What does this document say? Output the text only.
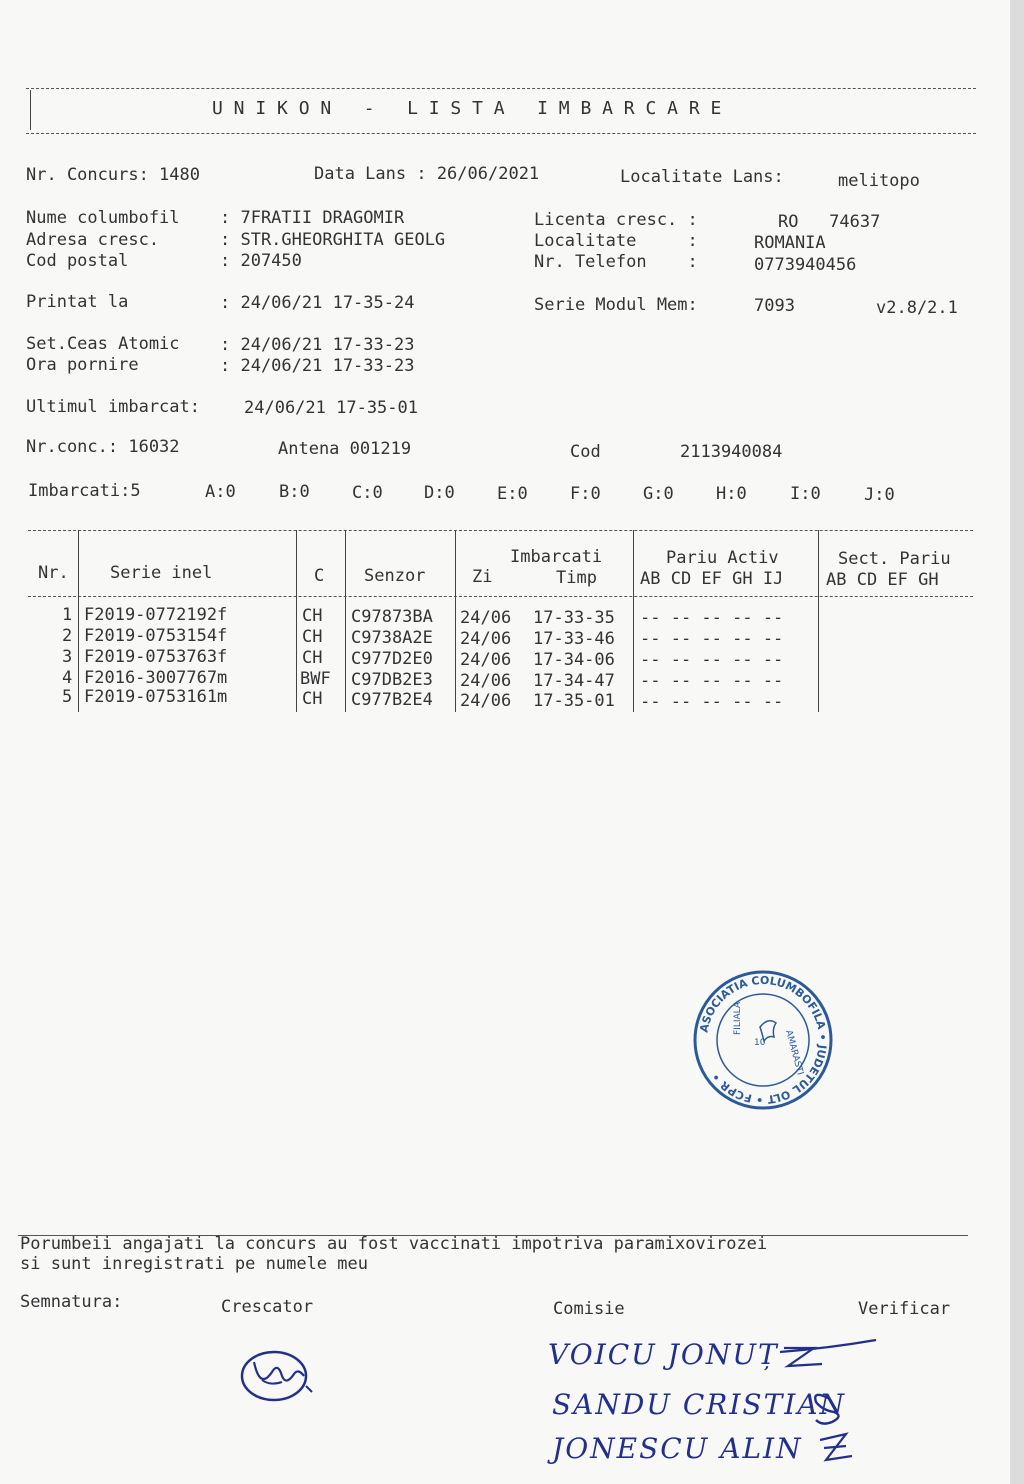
U N I K O N   -   L I S T A   I M B A R C A R E
Nr. Concurs: 1480	Data Lans : 26/06/2021	Localitate Lans:	melitopo
Nume columbofil : 7FRATII DRAGOMIR
Adresa cresc.	: STR.GHEORGHITA GEOLG
Cod postal	: 207450
Licenta cresc. :	RO   74637
Localitate     :	ROMANIA
Nr. Telefon    :	0773940456
Printat la	: 24/06/21 17-35-24	Serie Modul Mem:	7093	v2.8/2.1
Set.Ceas Atomic : 24/06/21 17-33-23
Ora pornire	: 24/06/21 17-33-23
Ultimul imbarcat:	24/06/21 17-35-01
Nr.conc.: 16032	Antena 001219	Cod	2113940084
Imbarcati:5	A:0	B:0 C:0 D:0 E:0 F:0 G:0 H:0	I:0	J:0
Nr. Serie inel	C Senzor
Imbarcati
Zi	Timp
Pariu Activ
AB CD EF GH IJ
Sect. Pariu
AB CD EF GH
1 F2019-0772192f	CH C97873BA 24/06 17-33-35 -- -- -- -- --
2 F2019-0753154f	CH C9738A2E 24/06 17-33-46 -- -- -- -- --
3 F2019-0753763f	CH C977D2E0 24/06 17-34-06 -- -- -- -- --
4 F2016-3007767m	BWF C97DB2E3 24/06 17-34-47 -- -- -- -- --
5 F2019-0753161m	CH C977B2E4 24/06 17-35-01 -- -- -- -- --
ASOCIATIA COLUMBOFILA • JUDETUL OLT • FCPR •
FILIALA
AMARASTI
10
Porumbeii angajati la concurs au fost vaccinati impotriva paramixovirozei
si sunt inregistrati pe numele meu
Semnatura:	Crescator	Comisie	Verificar
VOICU JONUȚ
SANDU CRISTIAN
JONESCU ALIN
